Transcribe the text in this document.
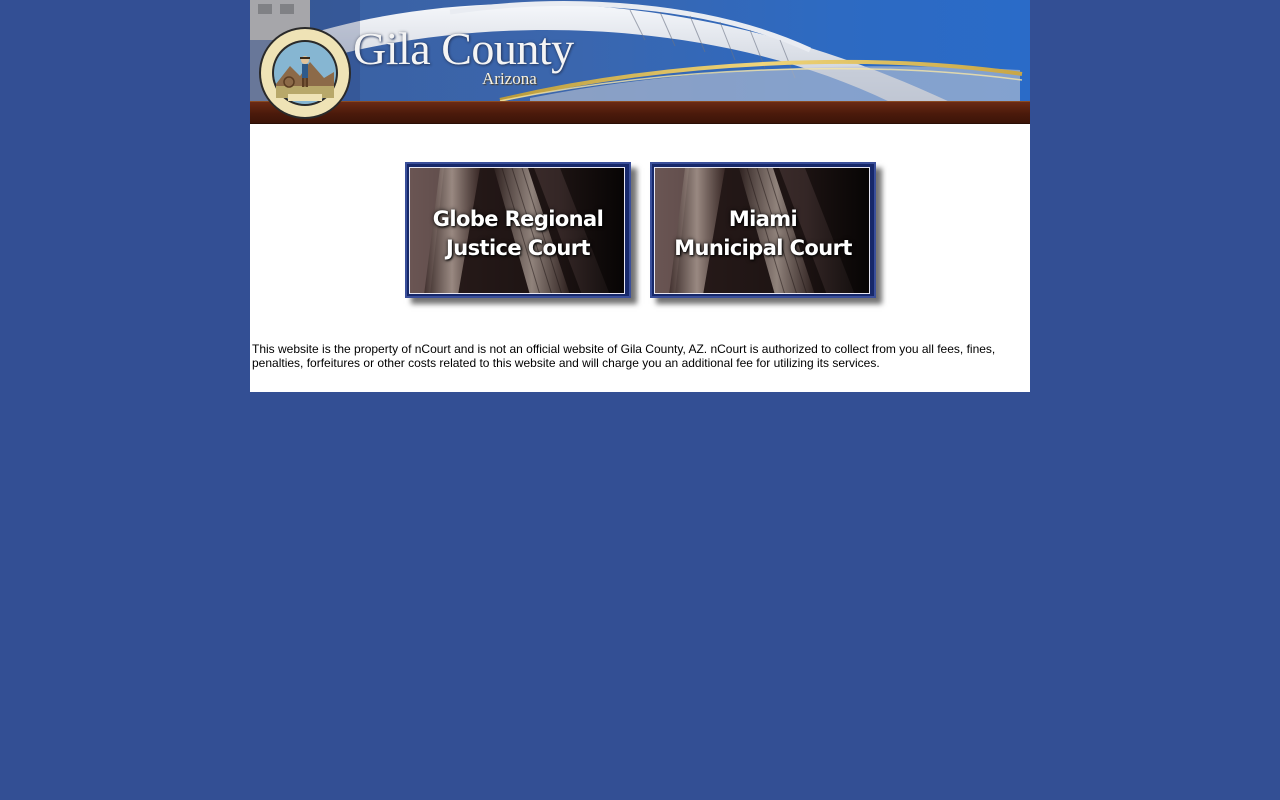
Gila County
Arizona
Globe Regional
Justice Court
Miami
Municipal Court
This website is the property of nCourt and is not an official website of Gila County, AZ. nCourt is authorized to collect from you all fees, fines,
penalties, forfeitures or other costs related to this website and will charge you an additional fee for utilizing its services.
